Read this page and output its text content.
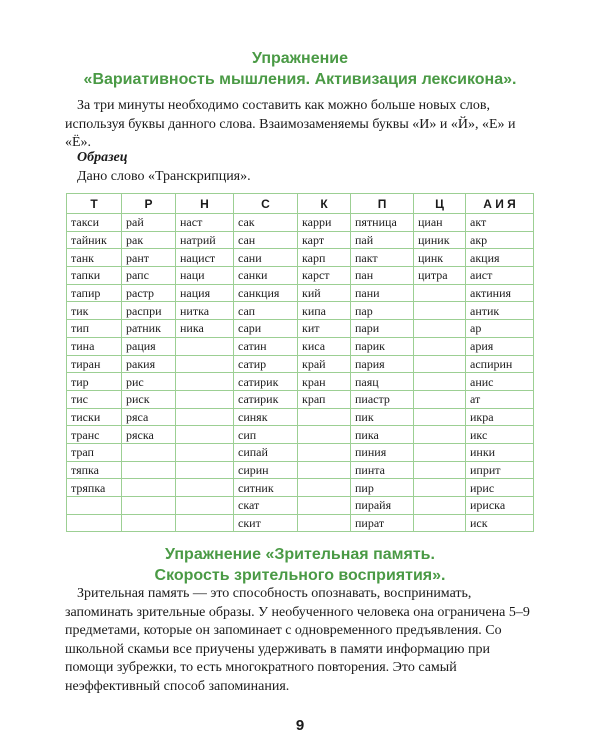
Упражнение

«Вариативность мышления. Активизация лексикона».

За три минуты необходимо составить как можно больше новых слов, используя буквы данного слова. Взаимозаменяемы буквы «И» и «Й», «Е» и «Ё».

Образец

Дано слово «Транскрипция».

Т	Р	Н	С	К	П	Ц	А И Я
такси	рай	наст	сак	карри	пятница	циан	акт
тайник	рак	натрий	сан	карт	пай	циник	акр
танк	рант	нацист	сани	карп	пакт	цинк	акция
тапки	рапс	наци	санки	карст	пан	цитра	аист
тапир	растр	нация	санкция	кий	пани		актиния
тик	распри	нитка	сап	кипа	пар		антик
тип	ратник	ника	сари	кит	пари		ар
тина	рация		сатин	киса	парик		ария
тиран	ракия		сатир	край	пария		аспирин
тир	рис		сатирик	кран	паяц		анис
тис	риск		сатирик	крап	пиастр		ат
тиски	ряса		синяк		пик		икра
транс	ряска		сип		пика		икс
трап			сипай		пиния		инки
тяпка			сирин		пинта		иприт
тряпка			ситник		пир		ирис
			скат		пирайя		ириска
			скит		пират		иск

Упражнение «Зрительная память.

Скорость зрительного восприятия».

Зрительная память — это способность опознавать, воспринимать, запоминать зрительные образы. У необученного человека она ограничена 5–9 предметами, которые он запоминает с одновременного предъявления. Со школьной скамьи все приучены удерживать в памяти информацию при помощи зубрежки, то есть многократного повторения. Это самый неэффективный способ запоминания.

9
